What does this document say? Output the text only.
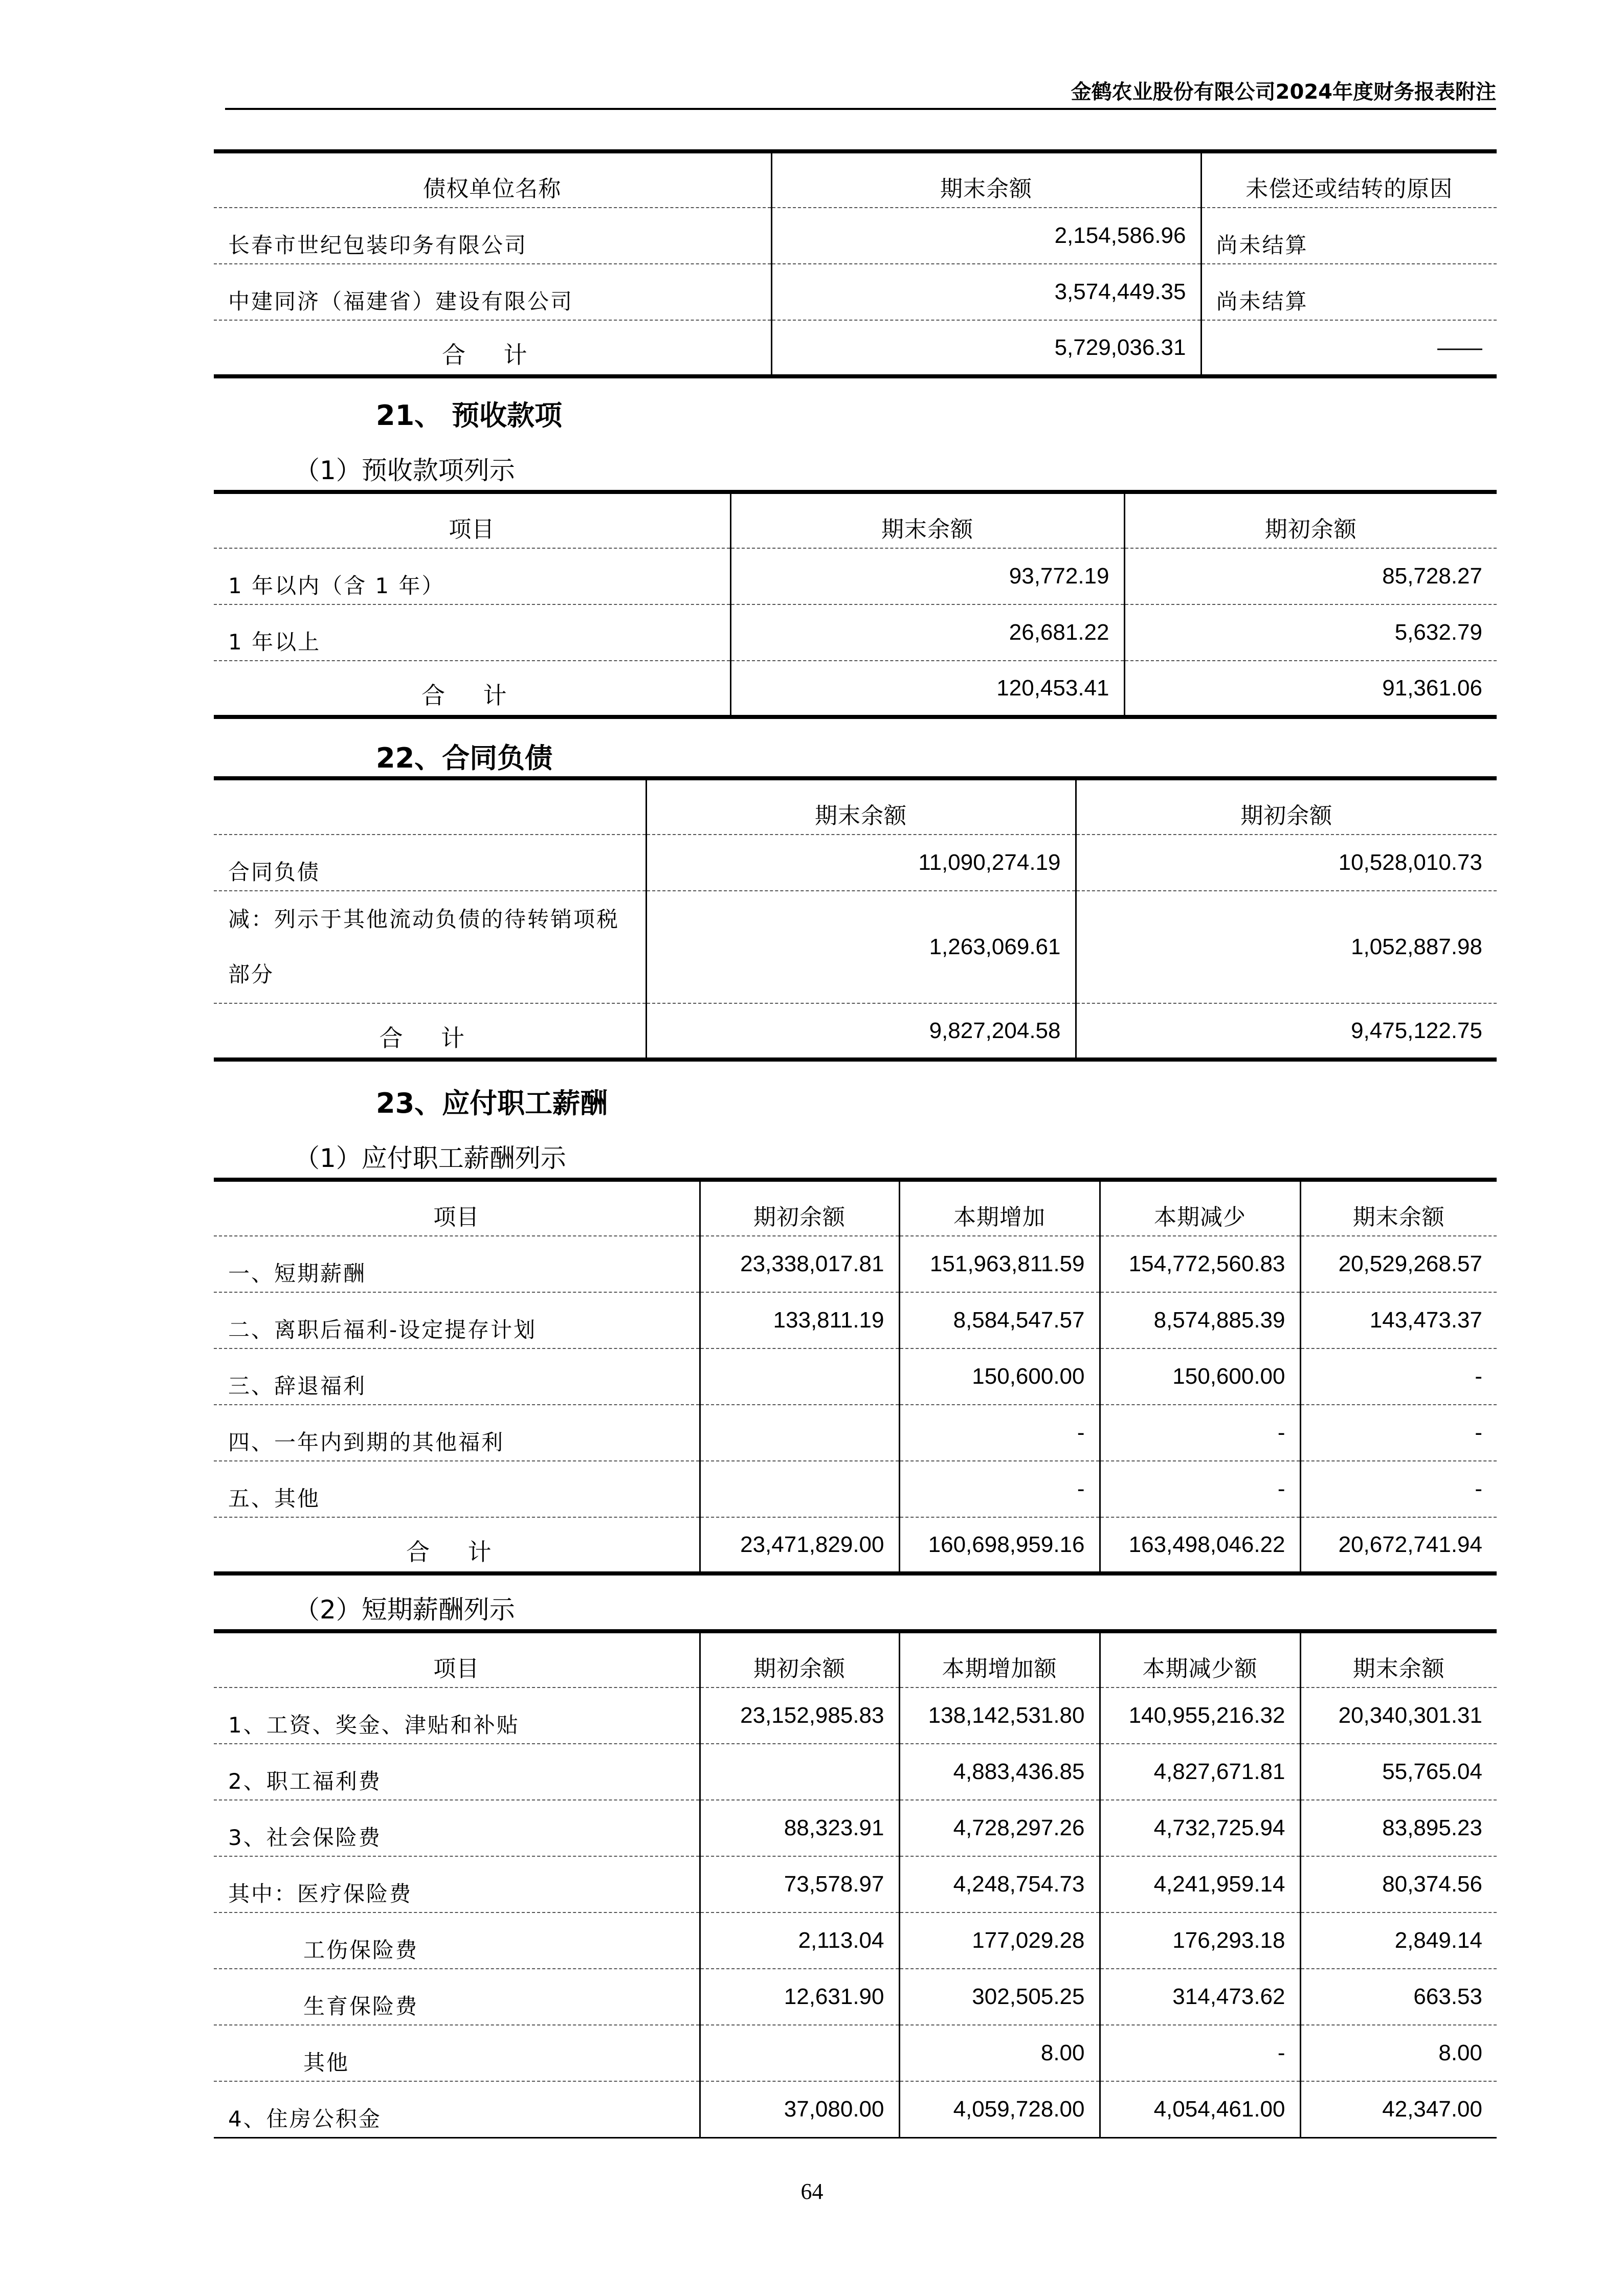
金鹤农业股份有限公司2024年度财务报表附注
债权单位名称	期末余额	未偿还或结转的原因
长春市世纪包装印务有限公司	2,154,586.96	尚未结算
中建同济（福建省）建设有限公司	3,574,449.35	尚未结算
合 计	5,729,036.31	——
21、 预收款项
（1）预收款项列示
项目	期末余额	期初余额
1 年以内（含 1 年）	93,772.19	85,728.27
1 年以上	26,681.22	5,632.79
合 计	120,453.41	91,361.06
22、合同负债
	期末余额	期初余额
合同负债	11,090,274.19	10,528,010.73
减：列示于其他流动负债的待转销项税部分	1,263,069.61	1,052,887.98
合 计	9,827,204.58	9,475,122.75
23、应付职工薪酬
（1）应付职工薪酬列示
项目	期初余额	本期增加	本期减少	期末余额
一、短期薪酬	23,338,017.81	151,963,811.59	154,772,560.83	20,529,268.57
二、离职后福利-设定提存计划	133,811.19	8,584,547.57	8,574,885.39	143,473.37
三、辞退福利		150,600.00	150,600.00	-
四、一年内到期的其他福利		-	-	-
五、其他		-	-	-
合 计	23,471,829.00	160,698,959.16	163,498,046.22	20,672,741.94
（2）短期薪酬列示
项目	期初余额	本期增加额	本期减少额	期末余额
1、工资、奖金、津贴和补贴	23,152,985.83	138,142,531.80	140,955,216.32	20,340,301.31
2、职工福利费		4,883,436.85	4,827,671.81	55,765.04
3、社会保险费	88,323.91	4,728,297.26	4,732,725.94	83,895.23
其中：医疗保险费	73,578.97	4,248,754.73	4,241,959.14	80,374.56
工伤保险费	2,113.04	177,029.28	176,293.18	2,849.14
生育保险费	12,631.90	302,505.25	314,473.62	663.53
其他		8.00	-	8.00
4、住房公积金	37,080.00	4,059,728.00	4,054,461.00	42,347.00
64
